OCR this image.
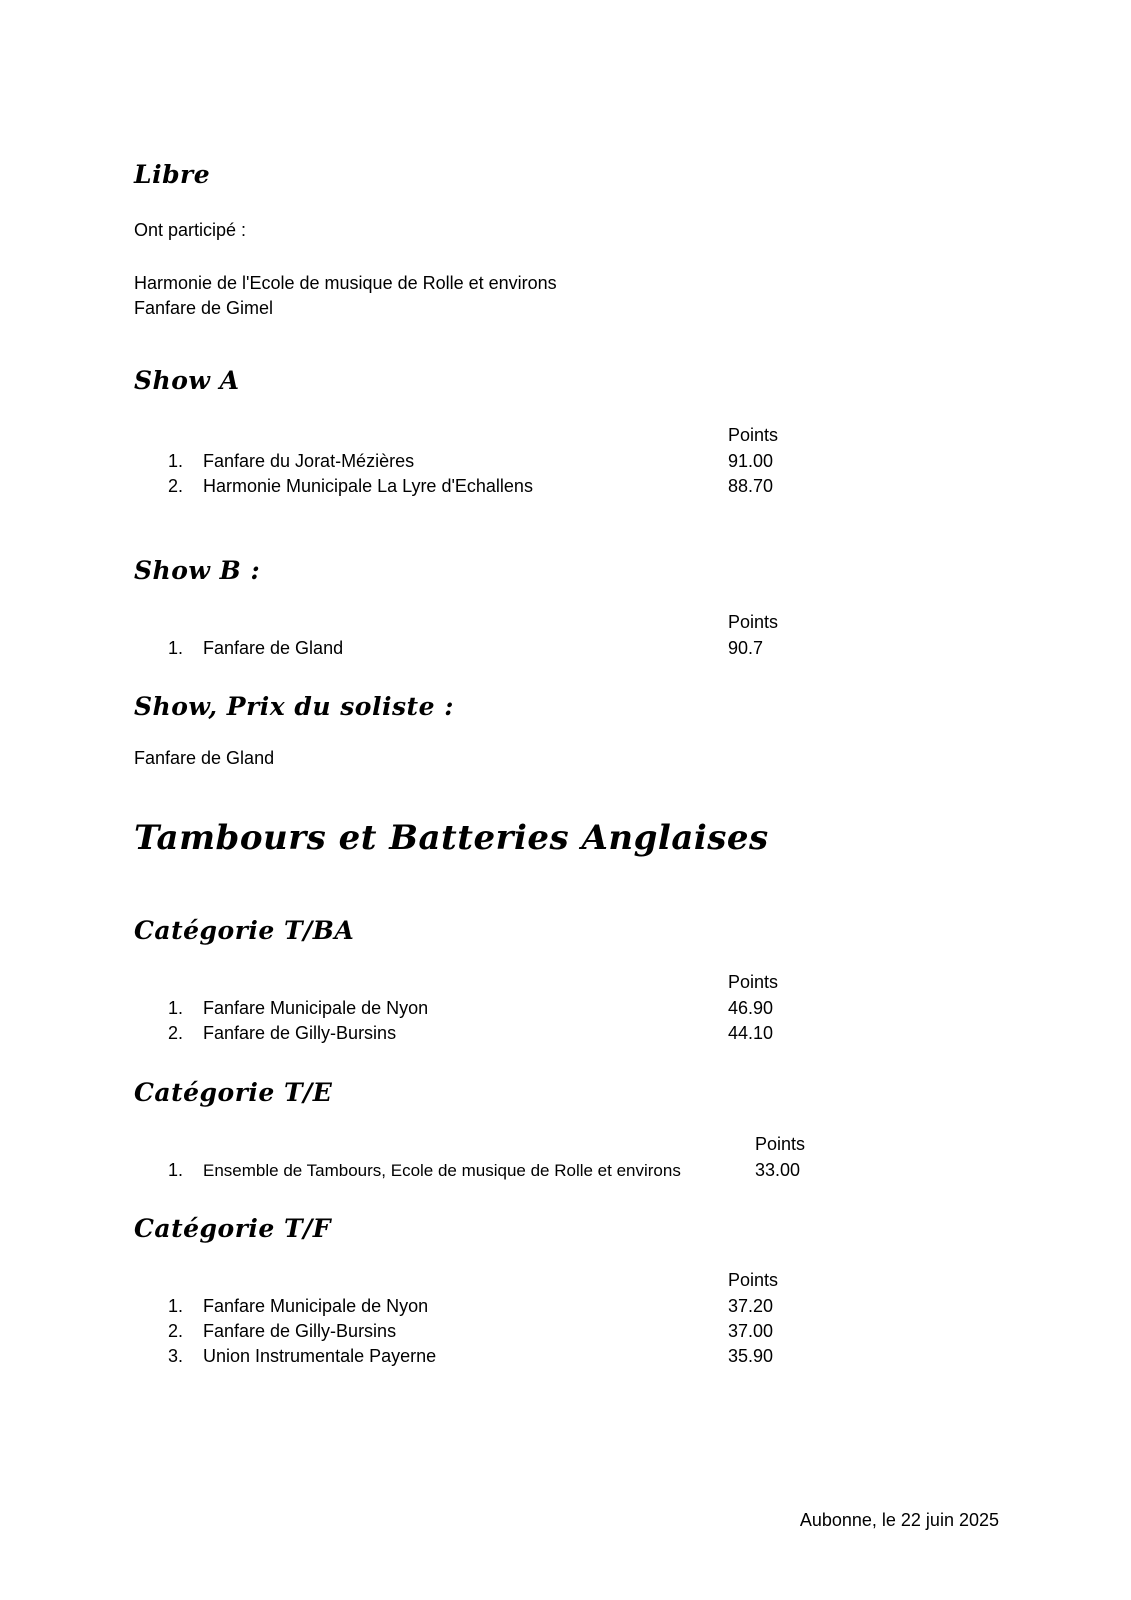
Libre
Ont participé :
Harmonie de l'Ecole de musique de Rolle et environs
Fanfare de Gimel
Show A
Points
1. Fanfare du Jorat-Mézières	91.00
2. Harmonie Municipale La Lyre d'Echallens	88.70
Show B :
Points
1. Fanfare de Gland	90.7
Show, Prix du soliste :
Fanfare de Gland
Tambours et Batteries Anglaises
Catégorie T/BA
Points
1. Fanfare Municipale de Nyon	46.90
2. Fanfare de Gilly-Bursins	44.10
Catégorie T/E
Points
1. Ensemble de Tambours, Ecole de musique de Rolle et environs	33.00
Catégorie T/F
Points
1. Fanfare Municipale de Nyon	37.20
2. Fanfare de Gilly-Bursins	37.00
3. Union Instrumentale Payerne	35.90
Aubonne, le 22 juin 2025
